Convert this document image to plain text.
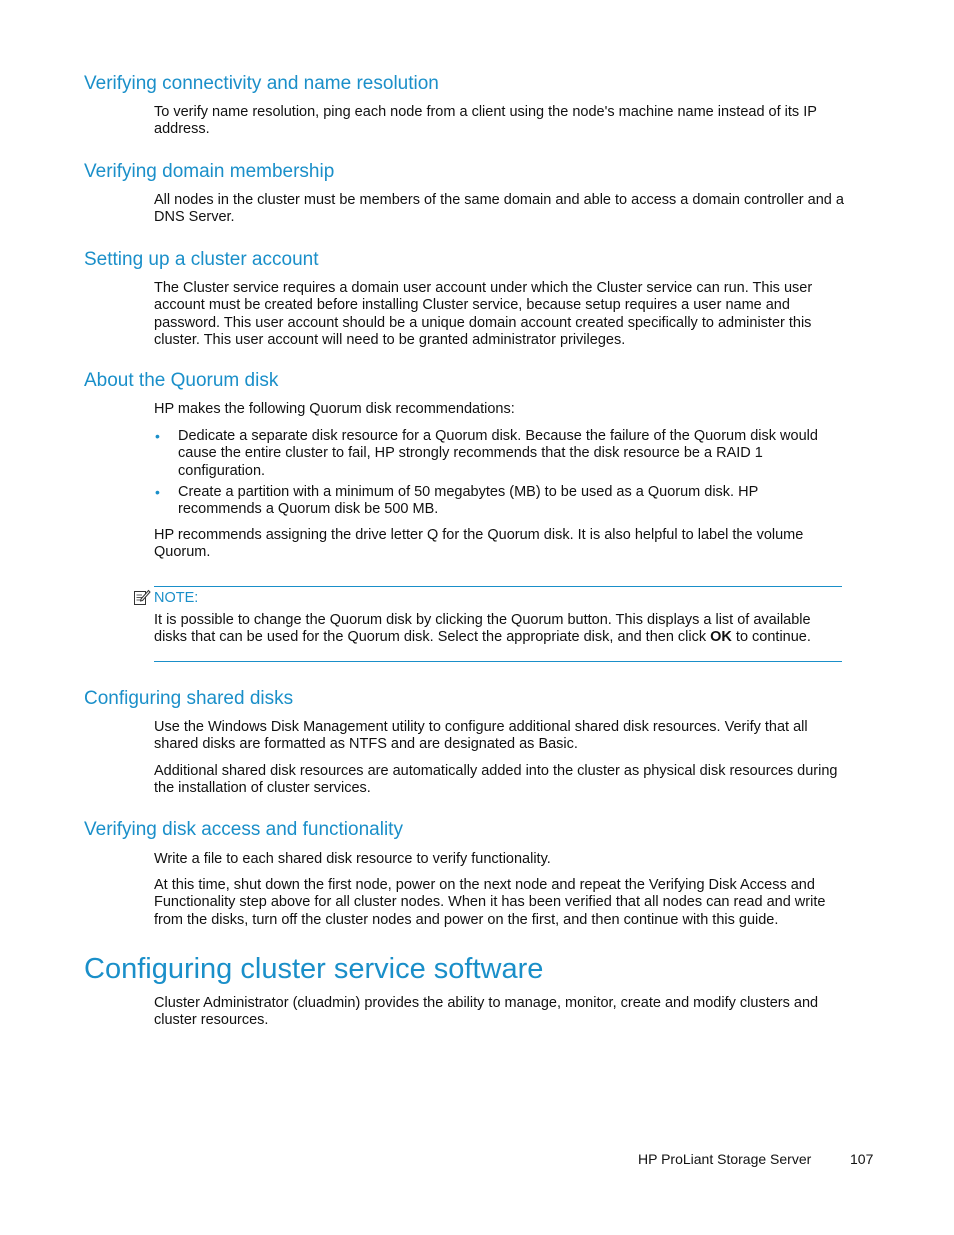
Verifying connectivity and name resolution

To verify name resolution, ping each node from a client using the node's machine name instead of its IP address.

Verifying domain membership

All nodes in the cluster must be members of the same domain and able to access a domain controller and a DNS Server.

Setting up a cluster account

The Cluster service requires a domain user account under which the Cluster service can run. This user account must be created before installing Cluster service, because setup requires a user name and password. This user account should be a unique domain account created specifically to administer this cluster. This user account will need to be granted administrator privileges.

About the Quorum disk

HP makes the following Quorum disk recommendations:

• Dedicate a separate disk resource for a Quorum disk. Because the failure of the Quorum disk would cause the entire cluster to fail, HP strongly recommends that the disk resource be a RAID 1 configuration.

• Create a partition with a minimum of 50 megabytes (MB) to be used as a Quorum disk. HP recommends a Quorum disk be 500 MB.

HP recommends assigning the drive letter Q for the Quorum disk. It is also helpful to label the volume Quorum.

NOTE:

It is possible to change the Quorum disk by clicking the Quorum button. This displays a list of available disks that can be used for the Quorum disk. Select the appropriate disk, and then click OK to continue.

Configuring shared disks

Use the Windows Disk Management utility to configure additional shared disk resources. Verify that all shared disks are formatted as NTFS and are designated as Basic.

Additional shared disk resources are automatically added into the cluster as physical disk resources during the installation of cluster services.

Verifying disk access and functionality

Write a file to each shared disk resource to verify functionality.

At this time, shut down the first node, power on the next node and repeat the Verifying Disk Access and Functionality step above for all cluster nodes. When it has been verified that all nodes can read and write from the disks, turn off the cluster nodes and power on the first, and then continue with this guide.

Configuring cluster service software

Cluster Administrator (cluadmin) provides the ability to manage, monitor, create and modify clusters and cluster resources.

HP ProLiant Storage Server	107
